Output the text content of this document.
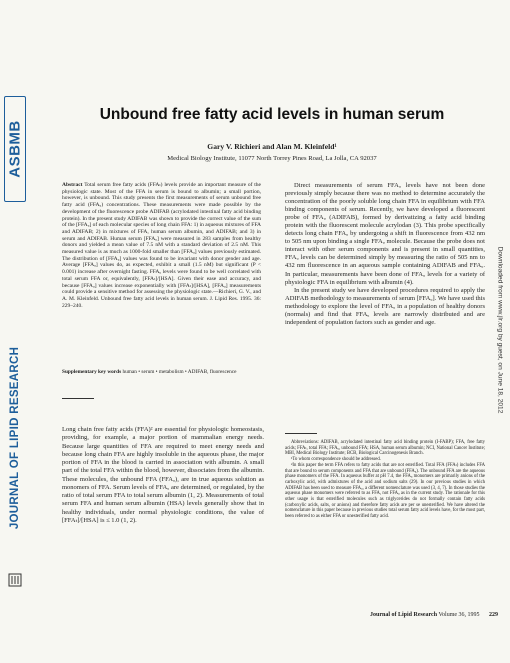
ASBMB
JOURNAL OF LIPID RESEARCH
Downloaded from www.jlr.org by guest, on June 18, 2012
Unbound free fatty acid levels in human serum
Gary V. Richieri and Alan M. Kleinfeld¹
Medical Biology Institute, 11077 North Torrey Pines Road, La Jolla, CA 92037
Abstract Total serum free fatty acids (FFAₜ) levels provide an important measure of the physiologic state. Most of the FFA in serum is bound to albumin; a small portion, however, is unbound. This study presents the first measurements of serum unbound free fatty acid (FFAᵤ) concentrations. These measurements were made possible by the development of the fluorescence probe ADIFAB (acrylodated intestinal fatty acid binding protein). In the present study ADIFAB was shown to provide the correct value of the sum of the [FFAᵤ] of each molecular species of long chain FFA: 1) in aqueous mixtures of FFA and ADIFAB; 2) in mixtures of FFA, human serum albumin, and ADIFAB; and 3) in serum and ADIFAB. Human serum [FFAᵤ] were measured in 283 samples from healthy donors and yielded a mean value of 7.5 nM with a standard deviation of 2.5 nM. This measured value is as much as 1000-fold smaller than [FFAᵤ] values previously estimated. The distribution of [FFAᵤ] values was found to be invariant with donor gender and age. Average [FFAᵤ] values do, as expected, exhibit a small (1.5 nM) but significant (P < 0.001) increase after overnight fasting. FFAᵤ levels were found to be well correlated with total serum FFA or, equivalently, [FFAₜ]/[HSA]. Given their ease and accuracy, and because [FFAᵤ] values increase exponentially with [FFAₜ]/[HSA], [FFAᵤ] measurements could provide a sensitive method for assessing the physiologic state.—Richieri, G. V., and A. M. Kleinfeld. Unbound free fatty acid levels in human serum. J. Lipid Res. 1995. 36: 229–240.
Supplementary key words human • serum • metabolism • ADIFAB, fluorescence

Direct measurements of serum FFAᵤ levels have not been done previously simply because there was no method to determine accurately the concentration of the poorly soluble long chain FFA in equilibrium with FFA binding components of serum. Recently, we have developed a fluorescent probe of FFAᵤ (ADIFAB), formed by derivatizing a fatty acid binding protein with the fluorescent molecule acrylodan (3). This probe specifically detects long chain FFAᵤ by undergoing a shift in fluorescence from 432 nm to 505 nm upon binding a single FFAᵤ molecule. Because the probe does not interact with other serum components and is present in small quantities, FFAᵤ levels can be determined simply by measuring the ratio of 505 nm to 432 nm fluorescence in an aqueous sample containing ADIFAB and FFAᵤ. In particular, measurements have been done of FFAᵤ levels for a variety of physiologic FFA in equilibrium with albumin (4).

In the present study we have developed procedures required to apply the ADIFAB methodology to measurements of serum [FFAᵤ]. We have used this methodology to explore the level of FFAᵤ in a population of healthy donors (normals) and find that FFAᵤ levels are narrowly distributed and are independent of population factors such as gender and age.

Long chain free fatty acids (FFA)² are essential for physiologic homeostasis, providing, for example, a major portion of mammalian energy needs. Because large quantities of FFA are required to meet energy needs and because long chain FFA are highly insoluble in the aqueous phase, the major portion of FFA in the blood is carried in association with albumin. A small part of the total FFA within the blood, however, dissociates from the albumin. These molecules, the unbound FFA (FFAᵤ), are in true aqueous solution as monomers of FFA. Serum levels of FFAᵤ are determined, or regulated, by the ratio of total serum FFA to total serum albumin (1, 2). Measurements of total serum FFA and human serum albumin (HSA) levels generally show that in healthy individuals, under normal physiologic conditions, the value of [FFAₜ]/[HSA] is ≤ 1.0 (1, 2).

Abbreviations: ADIFAB, acrylodated intestinal fatty acid binding protein (I-FABP); FFA, free fatty acids; FFAₜ, total FFA; FFAᵤ, unbound FFA; HSA, human serum albumin; NCI, National Cancer Institute; MBI, Medical Biology Institute; BCB, Biological Carcinogenesis Branch.

¹To whom correspondence should be addressed.

²In this paper the term FFA refers to fatty acids that are not esterified. Total FFA (FFAₜ) includes FFA that are bound to serum components and FFA that are unbound (FFAᵤ). The unbound FFA are the aqueous phase monomers of the FFA. In aqueous buffer at pH 7.4, the FFAᵤ monomers are primarily anions of the carboxylic acid, with admixtures of the acid and sodium salts (29). In our previous studies in which ADIFAB has been used to measure FFAᵤ, a different nomenclature was used (3, 4, 7). In those studies the aqueous phase monomers were referred to as FFA, not FFAᵤ as in the current study. The rationale for this other usage is that esterified molecules such as triglycerides do not formally contain fatty acids (carboxylic acids, salts, or anions) and therefore fatty acids are per se unesterified. We have altered the nomenclature in this paper because in previous studies total serum fatty acid levels have, for the most part, been referred to as either FFA or unesterified fatty acid.

Journal of Lipid Research Volume 36, 1995 229
